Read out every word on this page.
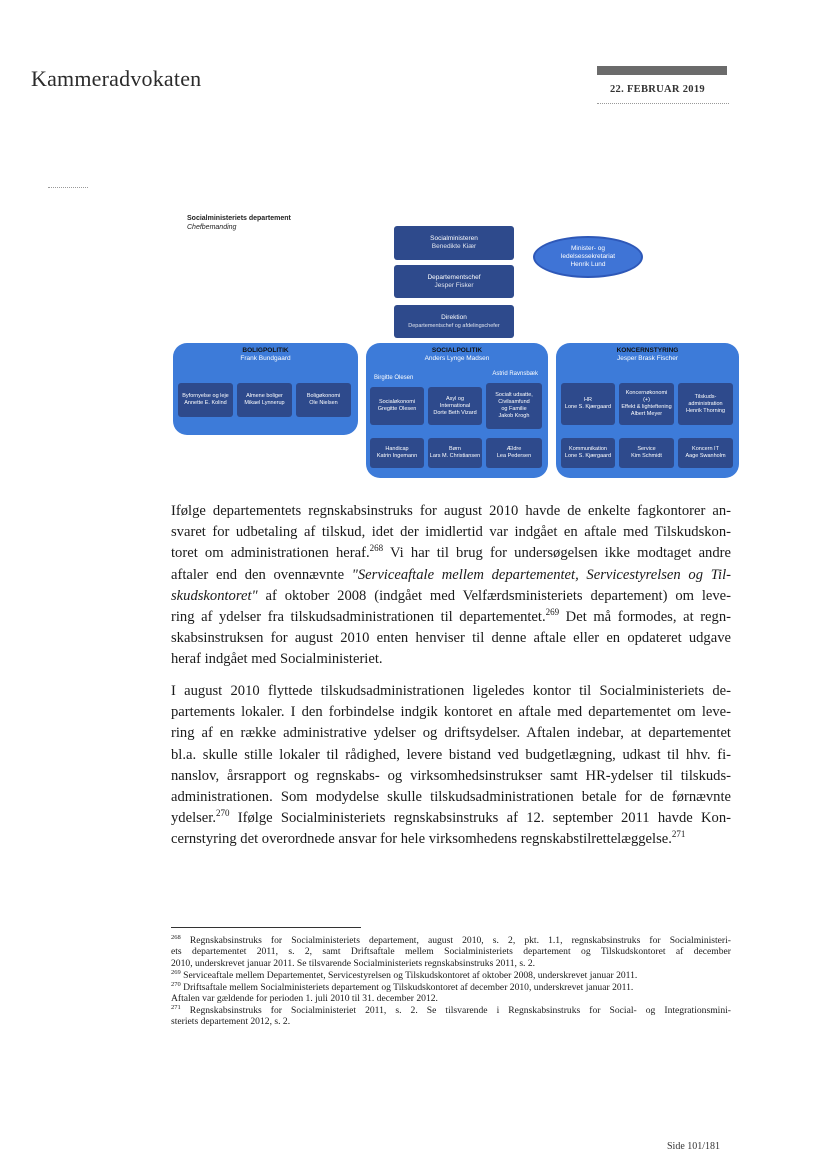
Kammeradvokaten	22. FEBRUAR 2019
Socialministeriets departement
Chefbemanding
Socialministeren
Benedikte Kiær	Minister- og
ledelsessekretariat
Henrik Lund
Departementschef
Jesper Fisker
Direktion
Departementschef og afdelingschefer
BOLIGPOLITIK
Frank Bundgaard
Byfornyelse og leje
Annette E. Kolind
Almene boliger
Mikael Lynnerup
Boligøkonomi
Ole Nielsen
SOCIALPOLITIK
Anders Lynge Madsen
Birgitte Olesen
Astrid Ravnsbæk
Socialøkonomi
Gregitte Olesen
Asyl og
International
Dorte Beth Vizard
Socialt udsatte,
Civilsamfund
og Familie
Jakob Krogh
Handicap
Katrin Ingemann
Børn
Lars M. Christiansen
Ældre
Lea Pedersen
KONCERNSTYRING
Jesper Brask Fischer
HR
Lone S. Kjærgaard
Koncernøkonomi
(+)
Effekt & lighteftening
Albert Meyer
Tilskuds-
administration
Henrik Thorning
Kommunikation
Lone S. Kjærgaard
Service
Kim Schmidt
Koncern IT
Aage Swanholm
Ifølge departementets regnskabsinstruks for august 2010 havde de enkelte fagkontorer an-
svaret for udbetaling af tilskud, idet der imidlertid var indgået en aftale med Tilskudskon-
toret om administrationen heraf.$^{268}$ Vi har til brug for undersøgelsen ikke modtaget andre
aftaler end den ovennævnte "Serviceaftale mellem departementet, Servicestyrelsen og Til-
skudskontoret" af oktober 2008 (indgået med Velfærdsministeriets departement) om leve-
ring af ydelser fra tilskudsadministrationen til departementet.$^{269}$ Det må formodes, at regn-
skabsinstruksen for august 2010 enten henviser til denne aftale eller en opdateret udgave
heraf indgået med Socialministeriet.
I august 2010 flyttede tilskudsadministrationen ligeledes kontor til Socialministeriets de-
partements lokaler. I den forbindelse indgik kontoret en aftale med departementet om leve-
ring af en række administrative ydelser og driftsydelser. Aftalen indebar, at departementet
bl.a. skulle stille lokaler til rådighed, levere bistand ved budgetlægning, udkast til hhv. fi-
nanslov, årsrapport og regnskabs- og virksomhedsinstrukser samt HR-ydelser til tilskuds-
administrationen. Som modydelse skulle tilskudsadministrationen betale for de førnævnte
ydelser.$^{270}$ Ifølge Socialministeriets regnskabsinstruks af 12. september 2011 havde Kon-
cernstyring det overordnede ansvar for hele virksomhedens regnskabstilrettelæggelse.$^{271}$
$^{268}$ Regnskabsinstruks for Socialministeriets departement, august 2010, s. 2, pkt. 1.1, regnskabsinstruks for Socialministeri-
ets departementet 2011, s. 2, samt Driftsaftale mellem Socialministeriets departement og Tilskudskontoret af december
2010, underskrevet januar 2011. Se tilsvarende Socialministeriets regnskabsinstruks 2011, s. 2.
$^{269}$ Serviceaftale mellem Departementet, Servicestyrelsen og Tilskudskontoret af oktober 2008, underskrevet januar 2011.
$^{270}$ Driftsaftale mellem Socialministeriets departement og Tilskudskontoret af december 2010, underskrevet januar 2011.
Aftalen var gældende for perioden 1. juli 2010 til 31. december 2012.
$^{271}$ Regnskabsinstruks for Socialministeriet 2011, s. 2. Se tilsvarende i Regnskabsinstruks for Social- og Integrationsmini-
steriets departement 2012, s. 2.
Side 101/181
